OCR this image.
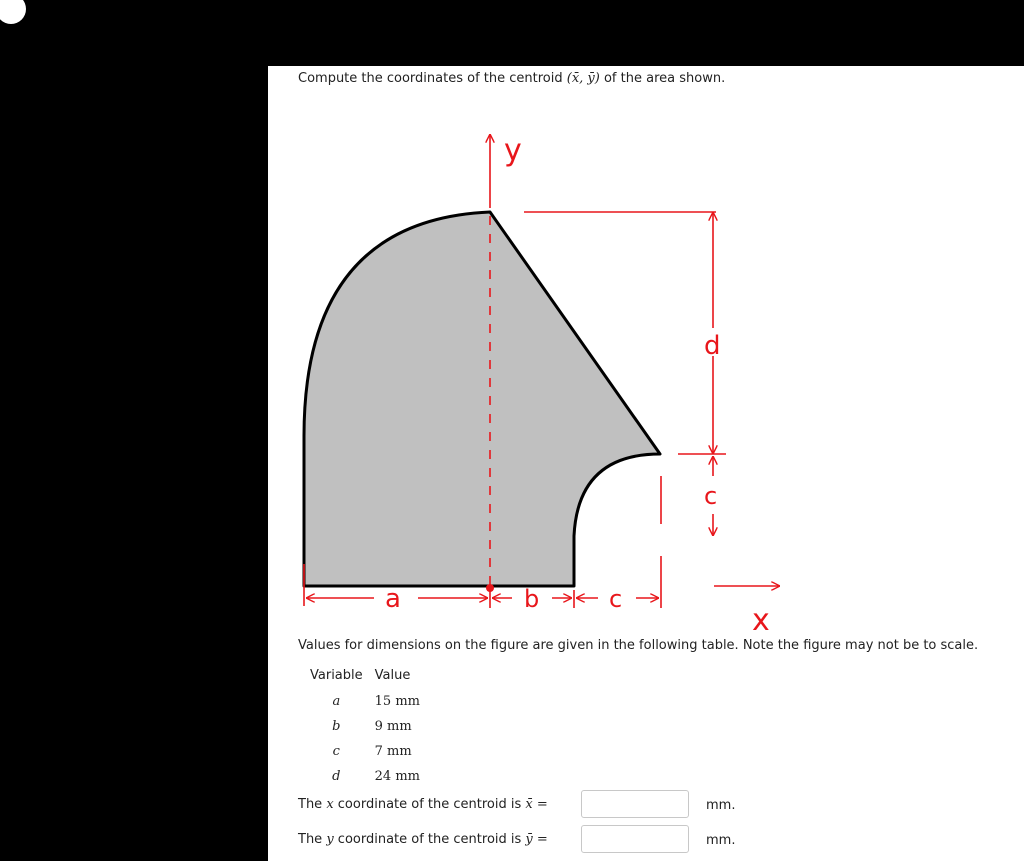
Compute the coordinates of the centroid (x̄, ȳ) of the area shown.
y
x
d
c
a	b	c
Values for dimensions on the figure are given in the following table. Note the figure may not be to scale.
Variable	Value
a	15 mm
b	9 mm
c	7 mm
d	24 mm
The x coordinate of the centroid is x̄ =	mm.
The y coordinate of the centroid is ȳ =	mm.
